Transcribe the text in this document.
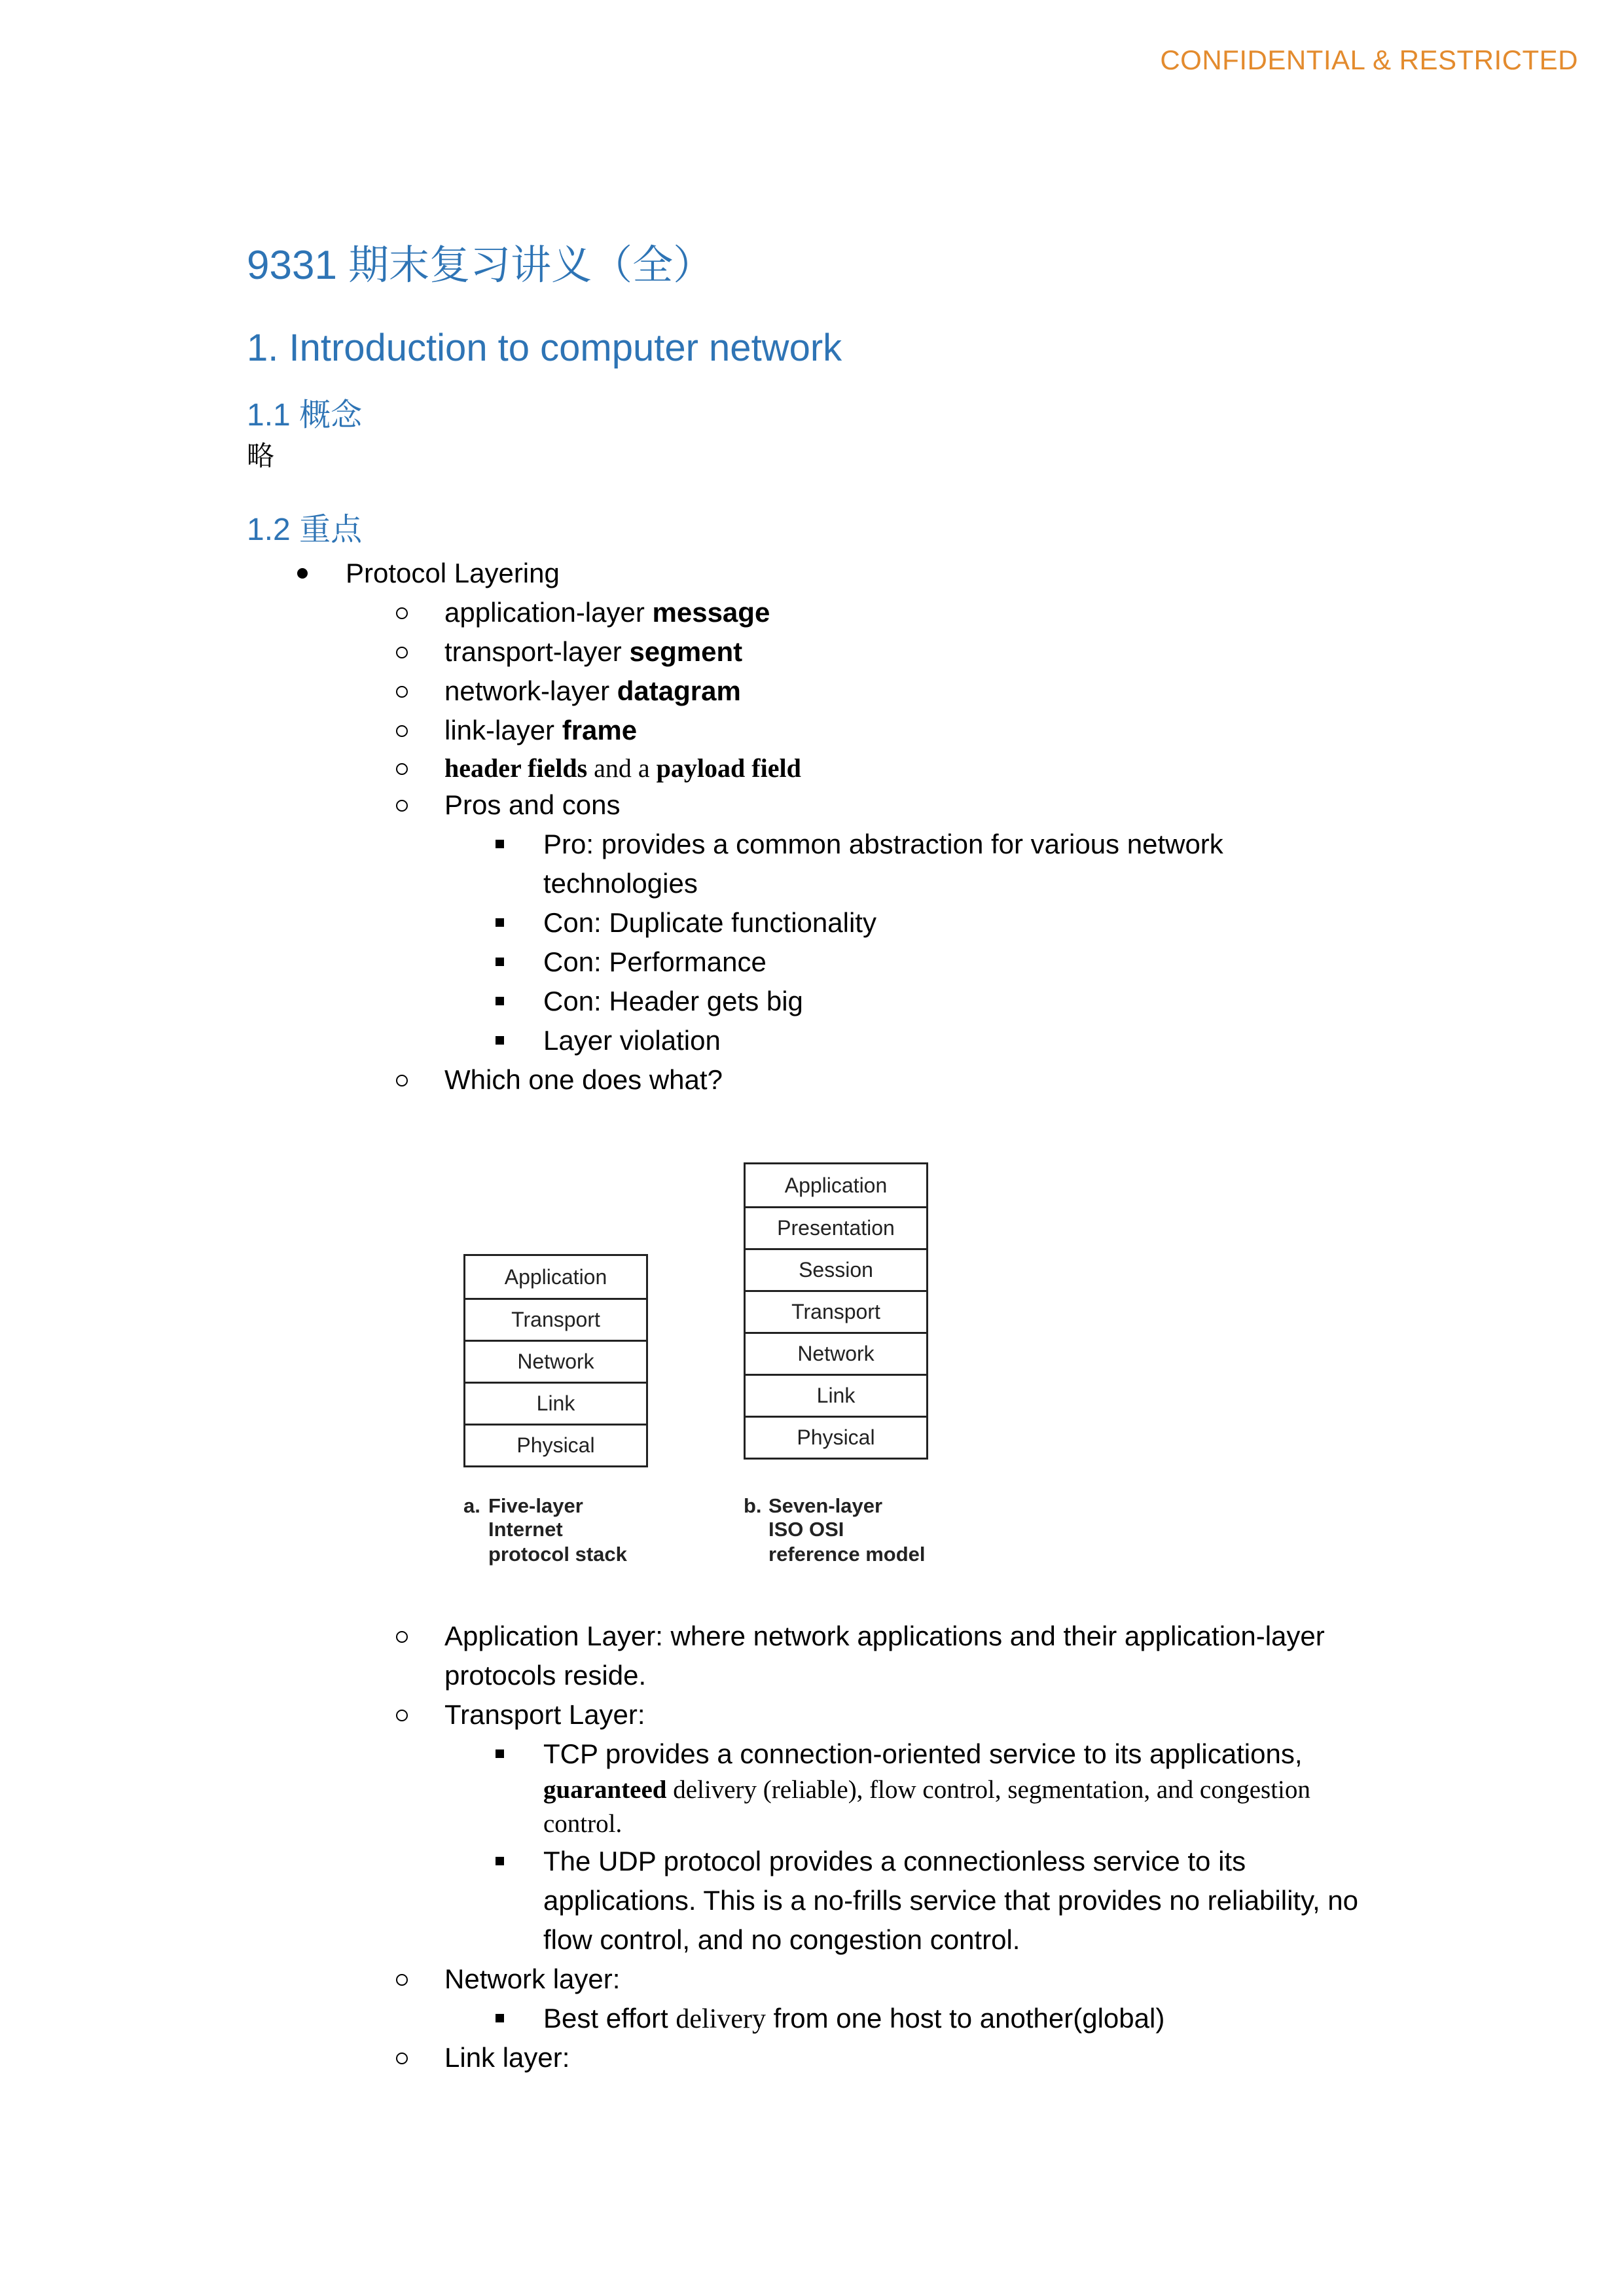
CONFIDENTIAL & RESTRICTED
9331 期末复习讲义（全）
1. Introduction to computer network
1.1 概念
略
1.2 重点
Protocol Layering
application-layer message
transport-layer segment
network-layer datagram
link-layer frame
header fields and a payload field
Pros and cons
Pro: provides a common abstraction for various network
technologies
Con: Duplicate functionality
Con: Performance
Con: Header gets big
Layer violation
Which one does what?
Application
Transport
Network
Link
Physical
a. Five-layer
Internet
protocol stack
Application
Presentation
Session
Transport
Network
Link
Physical
b. Seven-layer
ISO OSI
reference model
Application Layer: where network applications and their application-layer
protocols reside.
Transport Layer:
TCP provides a connection-oriented service to its applications,
guaranteed delivery (reliable), flow control, segmentation, and congestion
control.
The UDP protocol provides a connectionless service to its
applications. This is a no-frills service that provides no reliability, no
flow control, and no congestion control.
Network layer:
Best effort delivery from one host to another(global)
Link layer:
